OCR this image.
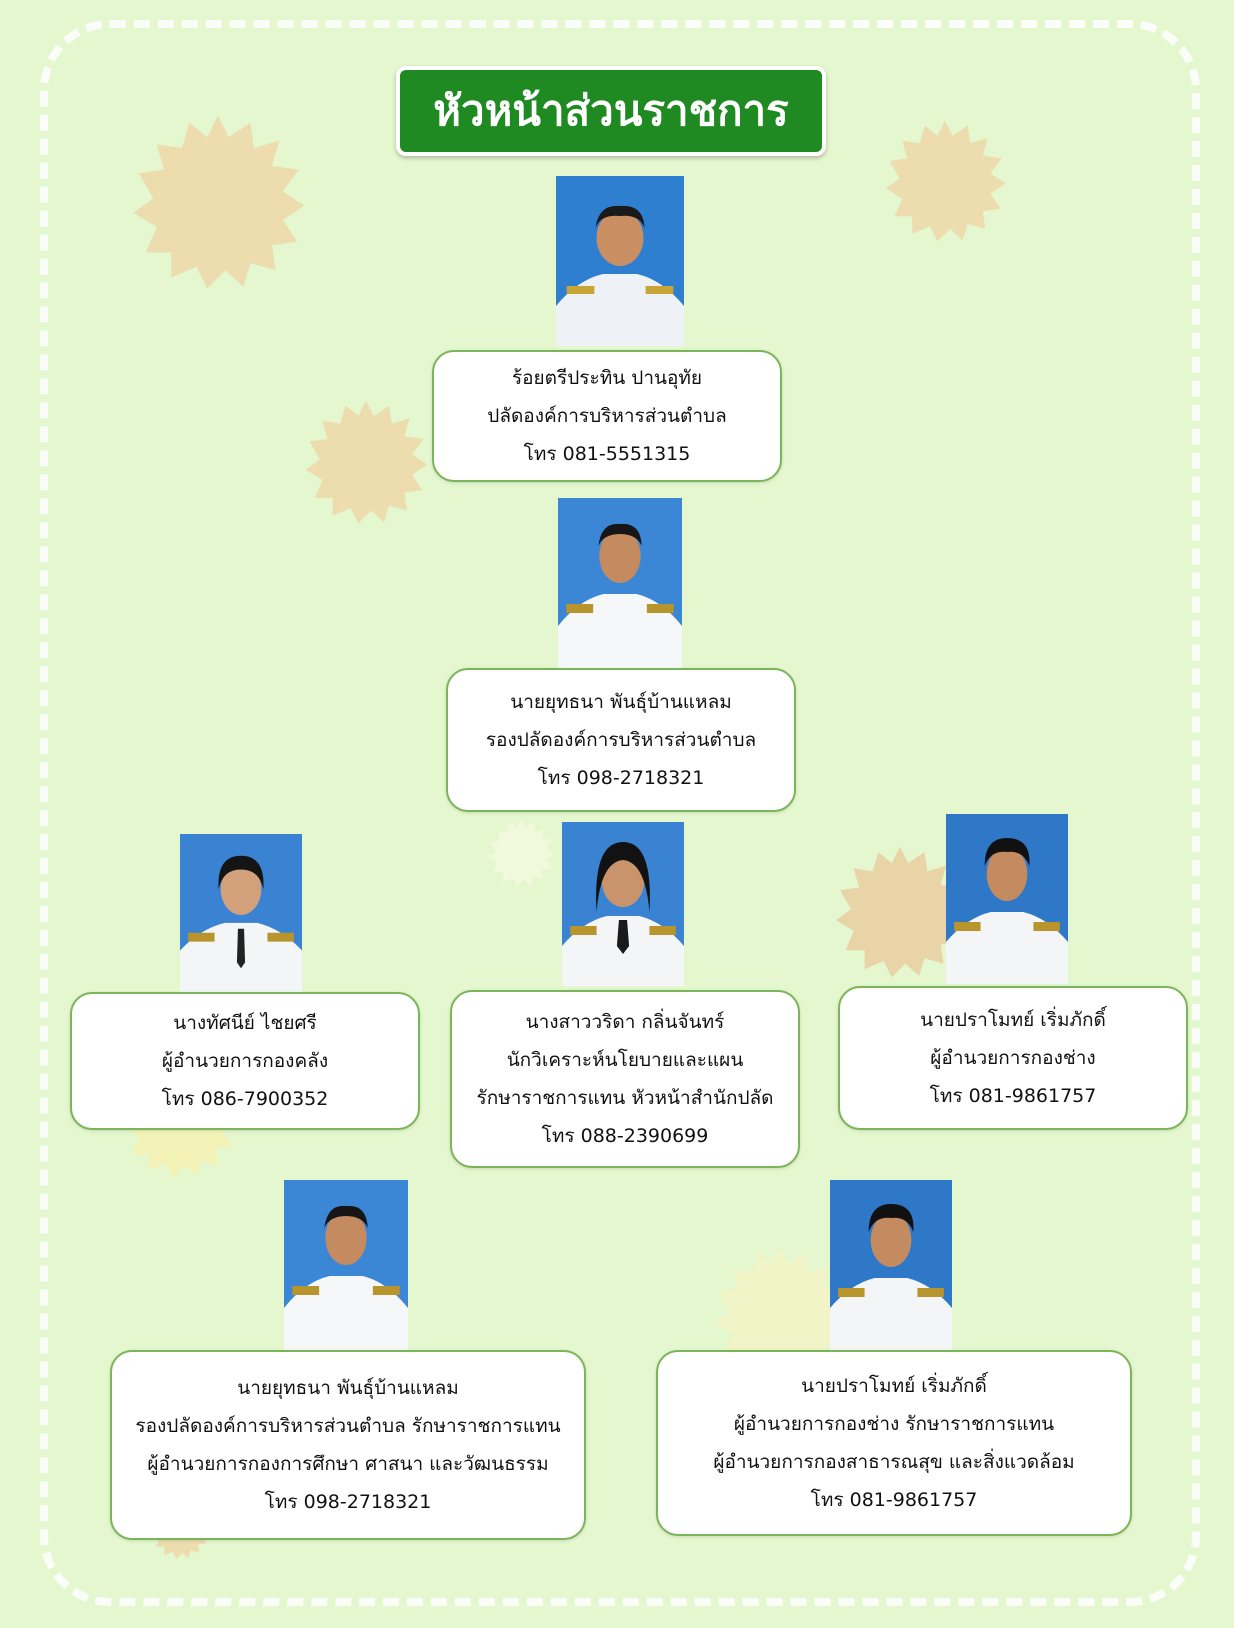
หัวหน้าส่วนราชการ
ร้อยตรีประทิน ปานอุทัย
ปลัดองค์การบริหารส่วนตำบล
โทร 081-5551315
นายยุทธนา พันธุ์บ้านแหลม
รองปลัดองค์การบริหารส่วนตำบล
โทร 098-2718321
นางทัศนีย์ ไชยศรี
ผู้อำนวยการกองคลัง
โทร 086-7900352
นางสาววริดา กลิ่นจันทร์
นักวิเคราะห์นโยบายและแผน
รักษาราชการแทน หัวหน้าสำนักปลัด
โทร 088-2390699
นายปราโมทย์ เริ่มภักดิ์
ผู้อำนวยการกองช่าง
โทร 081-9861757
นายยุทธนา พันธุ์บ้านแหลม
รองปลัดองค์การบริหารส่วนตำบล รักษาราชการแทน
ผู้อำนวยการกองการศึกษา ศาสนา และวัฒนธรรม
โทร 098-2718321
นายปราโมทย์ เริ่มภักดิ์
ผู้อำนวยการกองช่าง รักษาราชการแทน
ผู้อำนวยการกองสาธารณสุข และสิ่งแวดล้อม
โทร 081-9861757
